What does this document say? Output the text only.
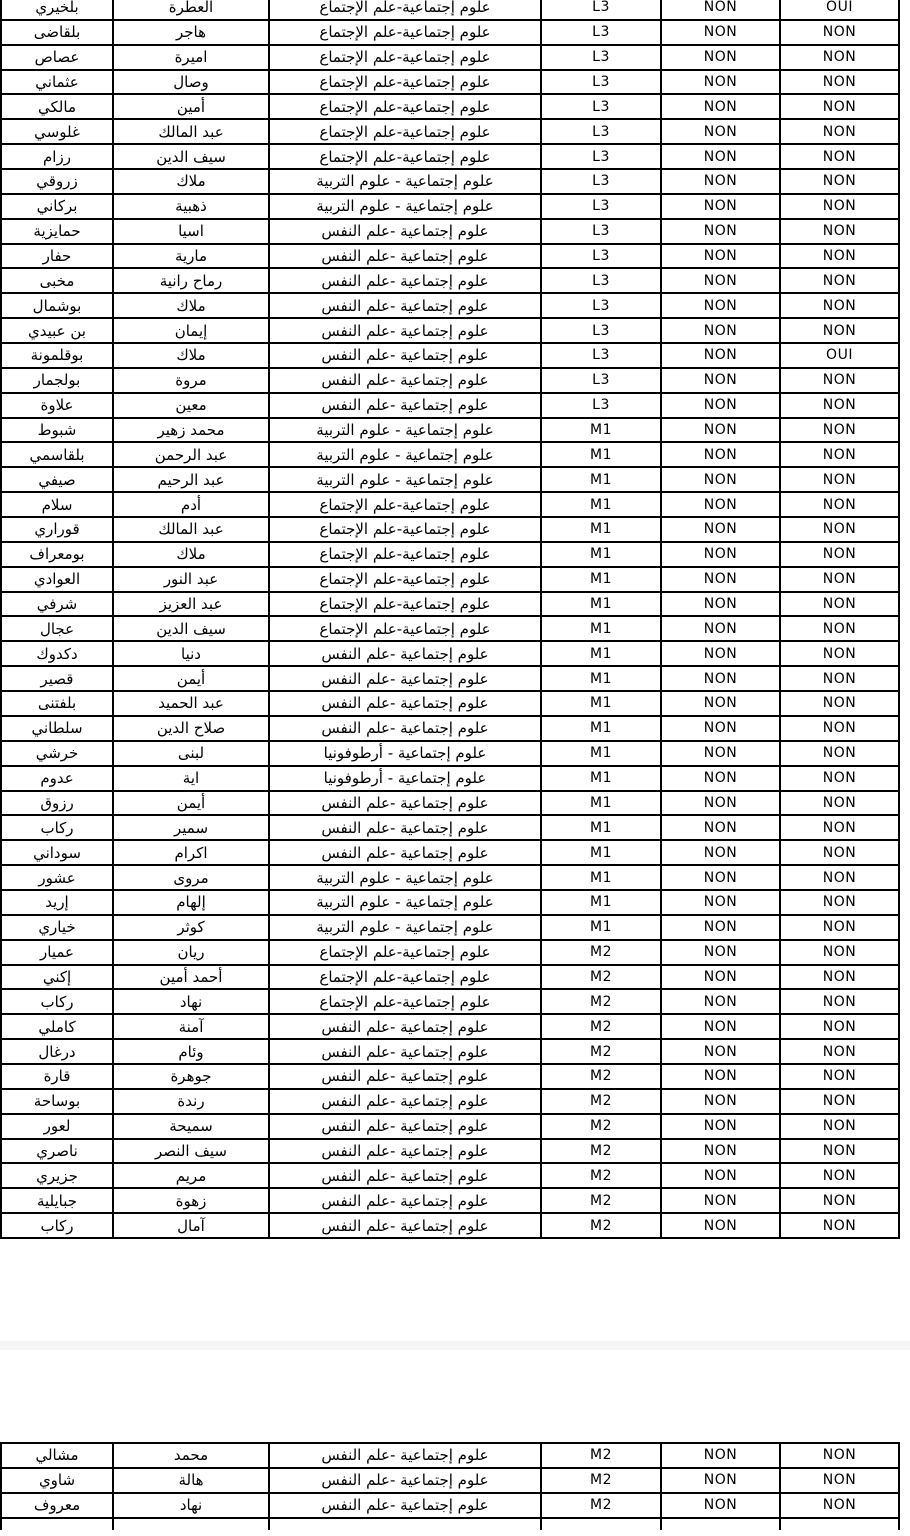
بلخيري	العطرة	علوم إجتماعية-علم الإجتماع	L3	NON	OUI
بلقاضى	هاجر	علوم إجتماعية-علم الإجتماع	L3	NON	NON
عصاص	اميرة	علوم إجتماعية-علم الإجتماع	L3	NON	NON
عثماني	وصال	علوم إجتماعية-علم الإجتماع	L3	NON	NON
مالكي	أمين	علوم إجتماعية-علم الإجتماع	L3	NON	NON
غلوسي	عبد المالك	علوم إجتماعية-علم الإجتماع	L3	NON	NON
رزام	سيف الدين	علوم إجتماعية-علم الإجتماع	L3	NON	NON
زروقي	ملاك	علوم إجتماعية - علوم التربية	L3	NON	NON
بركاني	ذهبية	علوم إجتماعية - علوم التربية	L3	NON	NON
حمايزية	اسيا	علوم إجتماعية -علم النفس	L3	NON	NON
حفار	مارية	علوم إجتماعية -علم النفس	L3	NON	NON
مخبى	رماح رانية	علوم إجتماعية -علم النفس	L3	NON	NON
بوشمال	ملاك	علوم إجتماعية -علم النفس	L3	NON	NON
بن عبيدي	إيمان	علوم إجتماعية -علم النفس	L3	NON	NON
بوقلمونة	ملاك	علوم إجتماعية -علم النفس	L3	NON	OUI
بولجمار	مروة	علوم إجتماعية -علم النفس	L3	NON	NON
علاوة	معين	علوم إجتماعية -علم النفس	L3	NON	NON
شبوط	محمد زهير	علوم إجتماعية - علوم التربية	M1	NON	NON
بلقاسمي	عبد الرحمن	علوم إجتماعية - علوم التربية	M1	NON	NON
صيفي	عبد الرحيم	علوم إجتماعية - علوم التربية	M1	NON	NON
سلام	أدم	علوم إجتماعية-علم الإجتماع	M1	NON	NON
قوراري	عبد المالك	علوم إجتماعية-علم الإجتماع	M1	NON	NON
بومعراف	ملاك	علوم إجتماعية-علم الإجتماع	M1	NON	NON
العوادي	عبد النور	علوم إجتماعية-علم الإجتماع	M1	NON	NON
شرفي	عبد العزيز	علوم إجتماعية-علم الإجتماع	M1	NON	NON
عجال	سيف الدين	علوم إجتماعية-علم الإجتماع	M1	NON	NON
دكدوك	دنيا	علوم إجتماعية -علم النفس	M1	NON	NON
قصير	أيمن	علوم إجتماعية -علم النفس	M1	NON	NON
بلفتنى	عبد الحميد	علوم إجتماعية -علم النفس	M1	NON	NON
سلطاني	صلاح الدين	علوم إجتماعية -علم النفس	M1	NON	NON
خرشي	لبنى	علوم إجتماعية - أرطوفونيا	M1	NON	NON
عدوم	اية	علوم إجتماعية - أرطوفونيا	M1	NON	NON
رزوق	أيمن	علوم إجتماعية -علم النفس	M1	NON	NON
ركاب	سمير	علوم إجتماعية -علم النفس	M1	NON	NON
سوداني	اكرام	علوم إجتماعية -علم النفس	M1	NON	NON
عشور	مروى	علوم إجتماعية - علوم التربية	M1	NON	NON
إريد	إلهام	علوم إجتماعية - علوم التربية	M1	NON	NON
خياري	كوثر	علوم إجتماعية - علوم التربية	M1	NON	NON
عميار	ريان	علوم إجتماعية-علم الإجتماع	M2	NON	NON
إكني	أحمد أمين	علوم إجتماعية-علم الإجتماع	M2	NON	NON
ركاب	نهاد	علوم إجتماعية-علم الإجتماع	M2	NON	NON
كاملي	آمنة	علوم إجتماعية -علم النفس	M2	NON	NON
درغال	وئام	علوم إجتماعية -علم النفس	M2	NON	NON
قارة	جوهرة	علوم إجتماعية -علم النفس	M2	NON	NON
بوساحة	رندة	علوم إجتماعية -علم النفس	M2	NON	NON
لعور	سميحة	علوم إجتماعية -علم النفس	M2	NON	NON
ناصري	سيف النصر	علوم إجتماعية -علم النفس	M2	NON	NON
جزيري	مريم	علوم إجتماعية -علم النفس	M2	NON	NON
جبايلية	زهوة	علوم إجتماعية -علم النفس	M2	NON	NON
ركاب	آمال	علوم إجتماعية -علم النفس	M2	NON	NON
مشالي	محمد	علوم إجتماعية -علم النفس	M2	NON	NON
شاوي	هالة	علوم إجتماعية -علم النفس	M2	NON	NON
معروف	نهاد	علوم إجتماعية -علم النفس	M2	NON	NON
